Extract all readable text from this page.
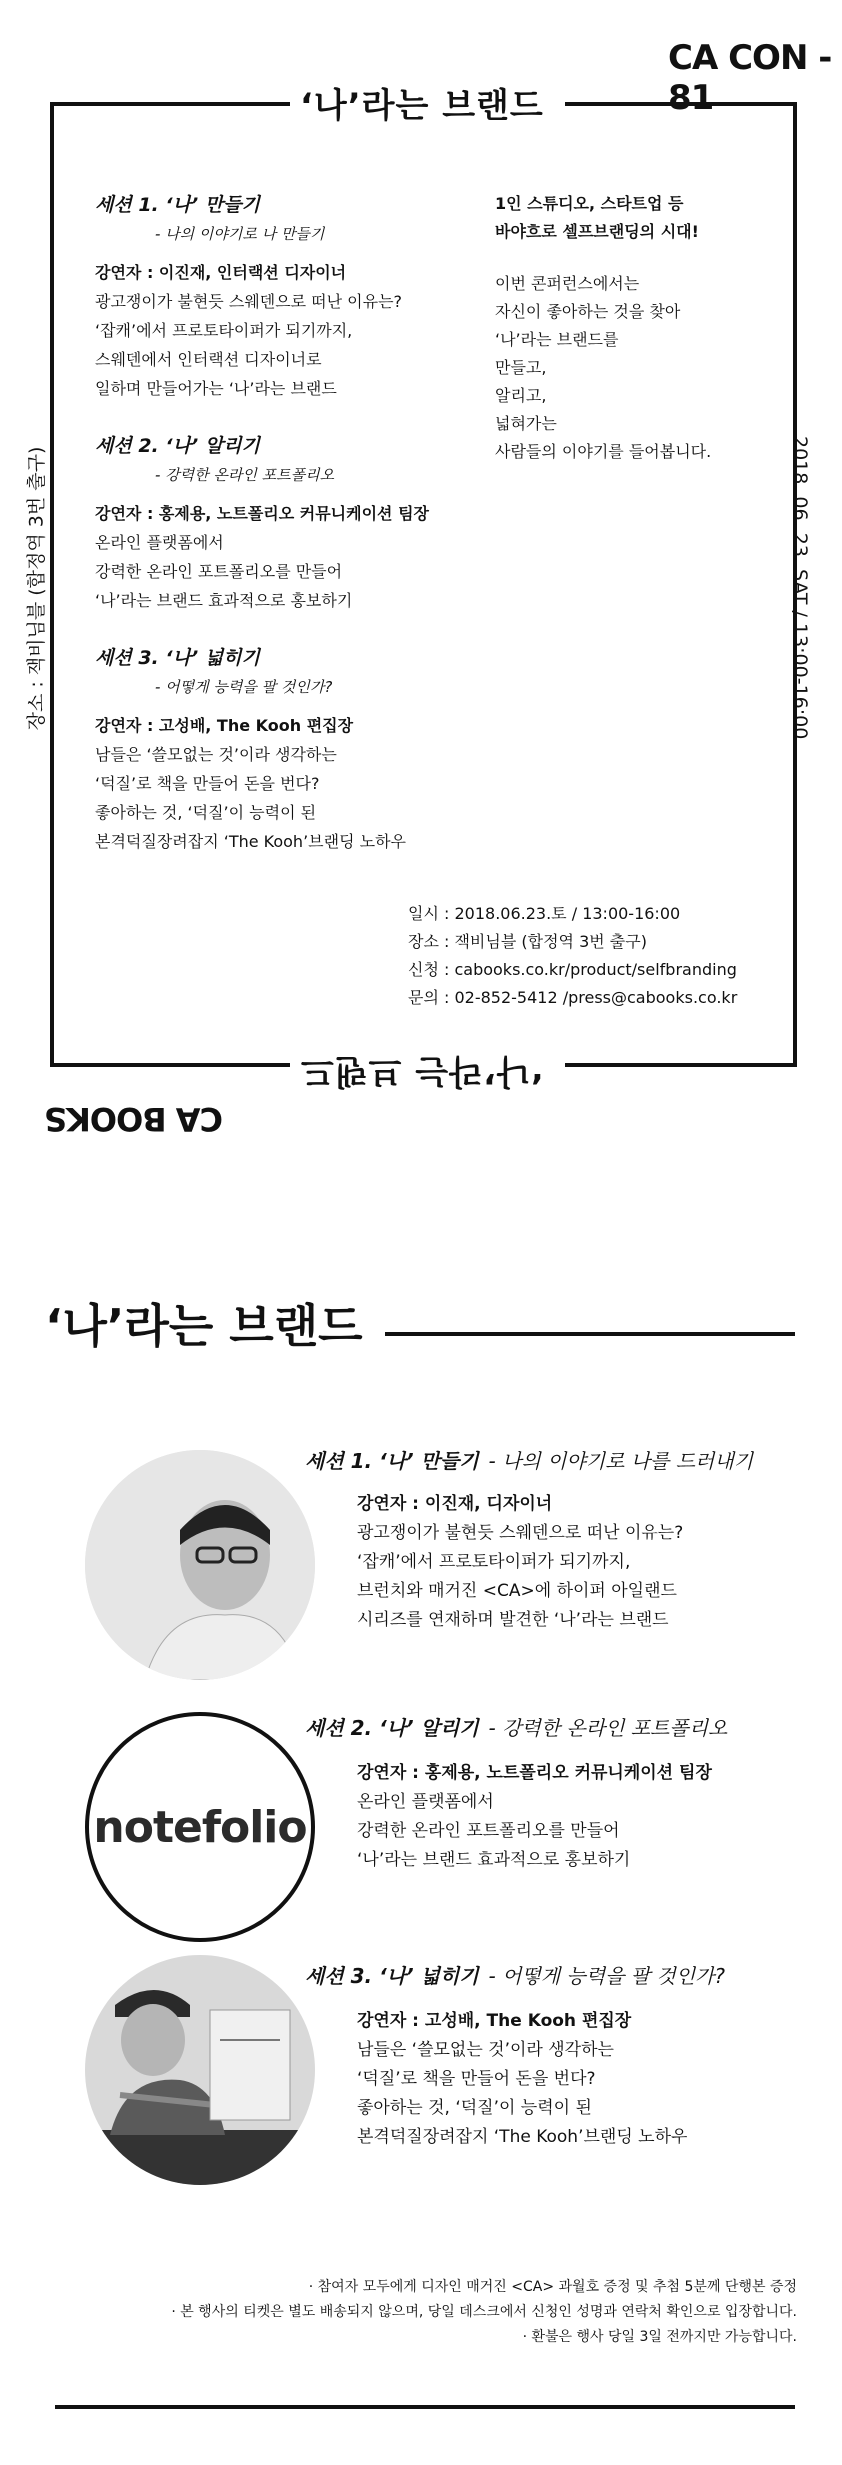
CA CON - 81
‘나’라는 브랜드
세션 1. ‘나’ 만들기
- 나의 이야기로 나 만들기
강연자 : 이진재, 인터랙션 디자이너
광고쟁이가 불현듯 스웨덴으로 떠난 이유는?
‘잡캐’에서 프로토타이퍼가 되기까지,
스웨덴에서 인터랙션 디자이너로
일하며 만들어가는 ‘나’라는 브랜드
세션 2. ‘나’ 알리기
- 강력한 온라인 포트폴리오
강연자 : 홍제용, 노트폴리오 커뮤니케이션 팀장
온라인 플랫폼에서
강력한 온라인 포트폴리오를 만들어
‘나’라는 브랜드 효과적으로 홍보하기
세션 3. ‘나’ 넓히기
- 어떻게 능력을 팔 것인가?
강연자 : 고성배, The Kooh 편집장
남들은 ‘쓸모없는 것’이라 생각하는
‘덕질’로 책을 만들어 돈을 번다?
좋아하는 것, ‘덕질’이 능력이 된
본격덕질장려잡지 ‘The Kooh’브랜딩 노하우
1인 스튜디오, 스타트업 등
바야흐로 셀프브랜딩의 시대!
이번 콘퍼런스에서는
자신이 좋아하는 것을 찾아
‘나’라는 브랜드를
만들고,
알리고,
넓혀가는
사람들의 이야기를 들어봅니다.
장소 : 잭비님블 (합정역 3번 출구)	2018. 06. 23. SAT / 13:00-16:00
일시 : 2018.06.23.토 / 13:00-16:00
장소 : 잭비님블 (합정역 3번 출구)
신청 : cabooks.co.kr/product/selfbranding
문의 : 02-852-5412 /press@cabooks.co.kr
‘나’라는 브랜드
CA BOOKS
‘나’라는 브랜드
세션 1. ‘나’ 만들기 - 나의 이야기로 나를 드러내기
강연자 : 이진재, 디자이너
광고쟁이가 불현듯 스웨덴으로 떠난 이유는?
‘잡캐’에서 프로토타이퍼가 되기까지,
브런치와 매거진 <CA>에 하이퍼 아일랜드
시리즈를 연재하며 발견한 ‘나’라는 브랜드
notefolio
세션 2. ‘나’ 알리기 - 강력한 온라인 포트폴리오
강연자 : 홍제용, 노트폴리오 커뮤니케이션 팀장
온라인 플랫폼에서
강력한 온라인 포트폴리오를 만들어
‘나’라는 브랜드 효과적으로 홍보하기
세션 3. ‘나’ 넓히기 - 어떻게 능력을 팔 것인가?
강연자 : 고성배, The Kooh 편집장
남들은 ‘쓸모없는 것’이라 생각하는
‘덕질’로 책을 만들어 돈을 번다?
좋아하는 것, ‘덕질’이 능력이 된
본격덕질장려잡지 ‘The Kooh’브랜딩 노하우
· 참여자 모두에게 디자인 매거진 <CA> 과월호 증정 및 추첨 5분께 단행본 증정
· 본 행사의 티켓은 별도 배송되지 않으며, 당일 데스크에서 신청인 성명과 연락처 확인으로 입장합니다.
· 환불은 행사 당일 3일 전까지만 가능합니다.
